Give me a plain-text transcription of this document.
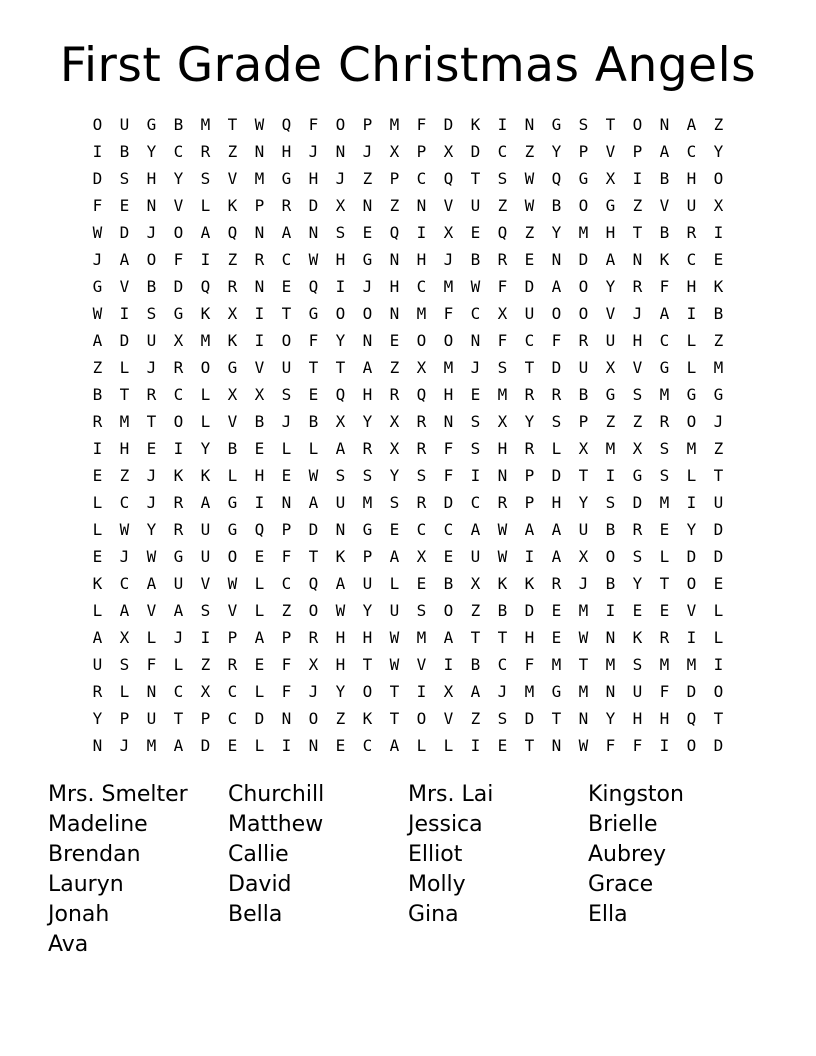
First Grade Christmas Angels
O	U	G	B	M	T	W	Q	F	O	P	M	F	D	K	I	N	G	S	T	O	N	A	Z
I	B	Y	C	R	Z	N	H	J	N	J	X	P	X	D	C	Z	Y	P	V	P	A	C	Y
D	S	H	Y	S	V	M	G	H	J	Z	P	C	Q	T	S	W	Q	G	X	I	B	H	O
F	E	N	V	L	K	P	R	D	X	N	Z	N	V	U	Z	W	B	O	G	Z	V	U	X
W	D	J	O	A	Q	N	A	N	S	E	Q	I	X	E	Q	Z	Y	M	H	T	B	R	I
J	A	O	F	I	Z	R	C	W	H	G	N	H	J	B	R	E	N	D	A	N	K	C	E
G	V	B	D	Q	R	N	E	Q	I	J	H	C	M	W	F	D	A	O	Y	R	F	H	K
W	I	S	G	K	X	I	T	G	O	O	N	M	F	C	X	U	O	O	V	J	A	I	B
A	D	U	X	M	K	I	O	F	Y	N	E	O	O	N	F	C	F	R	U	H	C	L	Z
Z	L	J	R	O	G	V	U	T	T	A	Z	X	M	J	S	T	D	U	X	V	G	L	M
B	T	R	C	L	X	X	S	E	Q	H	R	Q	H	E	M	R	R	B	G	S	M	G	G
R	M	T	O	L	V	B	J	B	X	Y	X	R	N	S	X	Y	S	P	Z	Z	R	O	J
I	H	E	I	Y	B	E	L	L	A	R	X	R	F	S	H	R	L	X	M	X	S	M	Z
E	Z	J	K	K	L	H	E	W	S	S	Y	S	F	I	N	P	D	T	I	G	S	L	T
L	C	J	R	A	G	I	N	A	U	M	S	R	D	C	R	P	H	Y	S	D	M	I	U
L	W	Y	R	U	G	Q	P	D	N	G	E	C	C	A	W	A	A	U	B	R	E	Y	D
E	J	W	G	U	O	E	F	T	K	P	A	X	E	U	W	I	A	X	O	S	L	D	D
K	C	A	U	V	W	L	C	Q	A	U	L	E	B	X	K	K	R	J	B	Y	T	O	E
L	A	V	A	S	V	L	Z	O	W	Y	U	S	O	Z	B	D	E	M	I	E	E	V	L
A	X	L	J	I	P	A	P	R	H	H	W	M	A	T	T	H	E	W	N	K	R	I	L
U	S	F	L	Z	R	E	F	X	H	T	W	V	I	B	C	F	M	T	M	S	M	M	I
R	L	N	C	X	C	L	F	J	Y	O	T	I	X	A	J	M	G	M	N	U	F	D	O
Y	P	U	T	P	C	D	N	O	Z	K	T	O	V	Z	S	D	T	N	Y	H	H	Q	T
N	J	M	A	D	E	L	I	N	E	C	A	L	L	I	E	T	N	W	F	F	I	O	D
Mrs. Smelter	Churchill	Mrs. Lai	Kingston
Madeline	Matthew	Jessica	Brielle
Brendan	Callie	Elliot	Aubrey
Lauryn	David	Molly	Grace
Jonah	Bella	Gina	Ella
Ava
